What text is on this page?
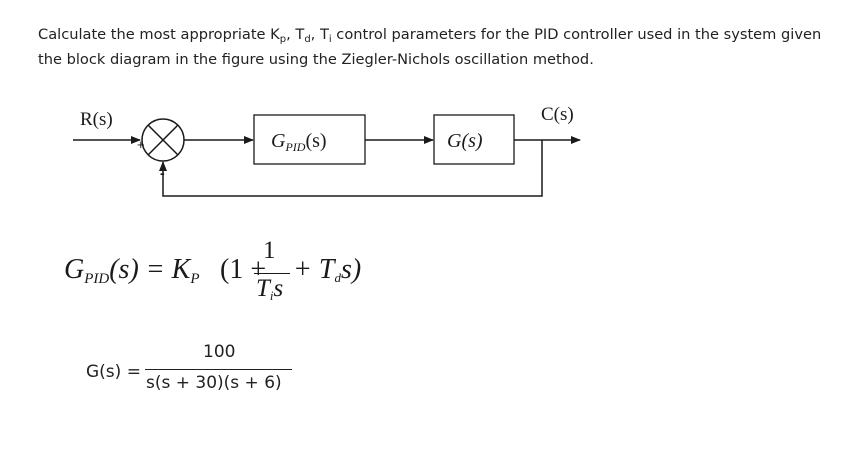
Calculate the most appropriate $K_p$, $T_d$, $T_i$ control parameters for the PID controller used in the system given the block diagram in the figure using the Ziegler-Nichols oscillation method.
R(s)
+
-
$G_{PID}(s)$	G(s)
C(s)
GPID(s) = KP (1 +
1
Tis
+ Tds)
G(s) =
100
s(s + 30)(s + 6)
